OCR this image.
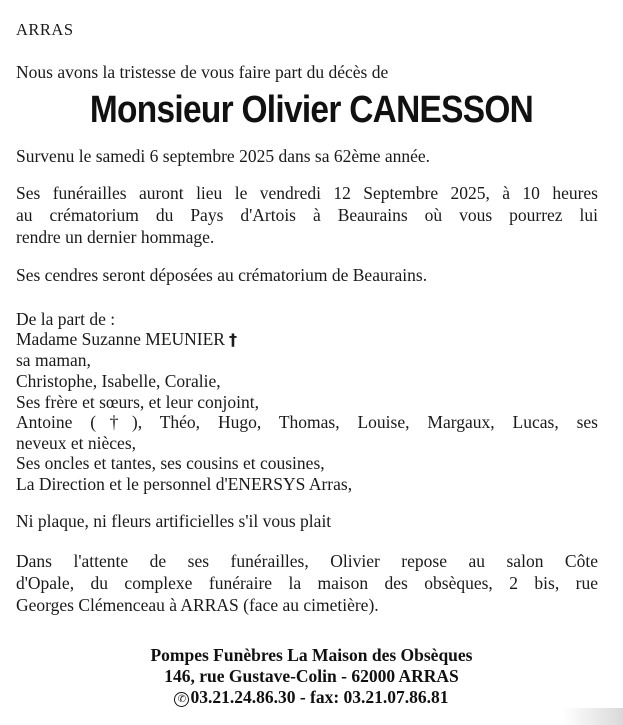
ARRAS
Nous avons la tristesse de vous faire part du décès de
Monsieur Olivier CANESSON
Survenu le samedi 6 septembre 2025 dans sa 62ème année.
Ses funérailles auront lieu le vendredi 12 Septembre 2025, à 10 heures
au crématorium du Pays d'Artois à Beaurains où vous pourrez lui
rendre un dernier hommage.
Ses cendres seront déposées au crématorium de Beaurains.
De la part de :
Madame Suzanne MEUNIER †
sa maman,
Christophe, Isabelle, Coralie,
Ses frère et sœurs, et leur conjoint,
Antoine (†), Théo, Hugo, Thomas, Louise, Margaux, Lucas, ses
neveux et nièces,
Ses oncles et tantes, ses cousins et cousines,
La Direction et le personnel d'ENERSYS Arras,
Ni plaque, ni fleurs artificielles s'il vous plait
Dans l'attente de ses funérailles, Olivier repose au salon Côte
d'Opale, du complexe funéraire la maison des obsèques, 2 bis, rue
Georges Clémenceau à ARRAS (face au cimetière).
Pompes Funèbres La Maison des Obsèques
146, rue Gustave-Colin - 62000 ARRAS
✆ 03.21.24.86.30 - fax: 03.21.07.86.81
